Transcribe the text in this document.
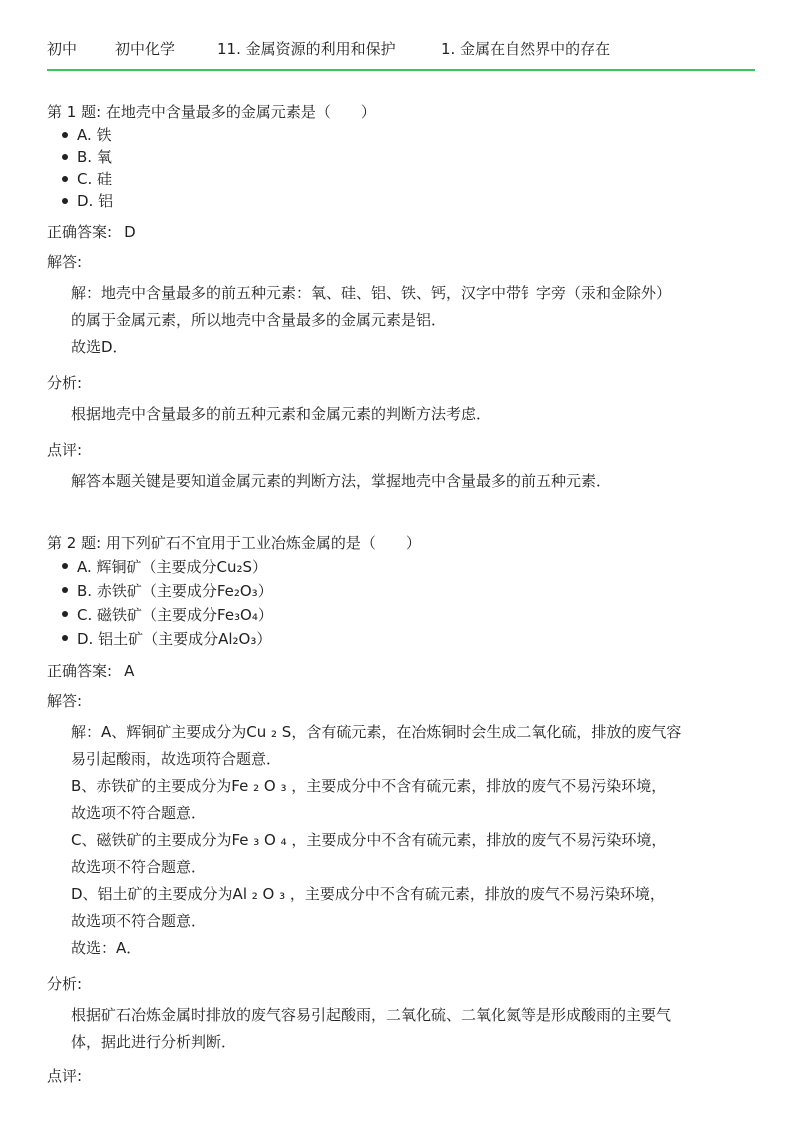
初中	初中化学	11. 金属资源的利用和保护	1. 金属在自然界中的存在
第 1 题: 在地壳中含量最多的金属元素是（　　）
A. 铁
B. 氧
C. 硅
D. 铝
正确答案: D
解答:

解：地壳中含量最多的前五种元素：氧、硅、铝、铁、钙，汉字中带钅字旁（汞和金除外）

的属于金属元素，所以地壳中含量最多的金属元素是铝．

故选D．

分析:

根据地壳中含量最多的前五种元素和金属元素的判断方法考虑．

点评:

解答本题关键是要知道金属元素的判断方法，掌握地壳中含量最多的前五种元素．

第 2 题: 用下列矿石不宜用于工业冶炼金属的是（　　）
A. 辉铜矿（主要成分Cu₂S）
B. 赤铁矿（主要成分Fe₂O₃）
C. 磁铁矿（主要成分Fe₃O₄）
D. 铝土矿（主要成分Al₂O₃）
正确答案: A
解答:

解：A、辉铜矿主要成分为Cu ₂ S，含有硫元素，在冶炼铜时会生成二氧化硫，排放的废气容

易引起酸雨，故选项符合题意．

B、赤铁矿的主要成分为Fe ₂ O ₃ ，主要成分中不含有硫元素，排放的废气不易污染环境，

故选项不符合题意．

C、磁铁矿的主要成分为Fe ₃ O ₄ ，主要成分中不含有硫元素，排放的废气不易污染环境，

故选项不符合题意．

D、铝土矿的主要成分为Al ₂ O ₃ ，主要成分中不含有硫元素，排放的废气不易污染环境，

故选项不符合题意．

故选：A．

分析:

根据矿石冶炼金属时排放的废气容易引起酸雨，二氧化硫、二氧化氮等是形成酸雨的主要气

体，据此进行分析判断．

点评:
